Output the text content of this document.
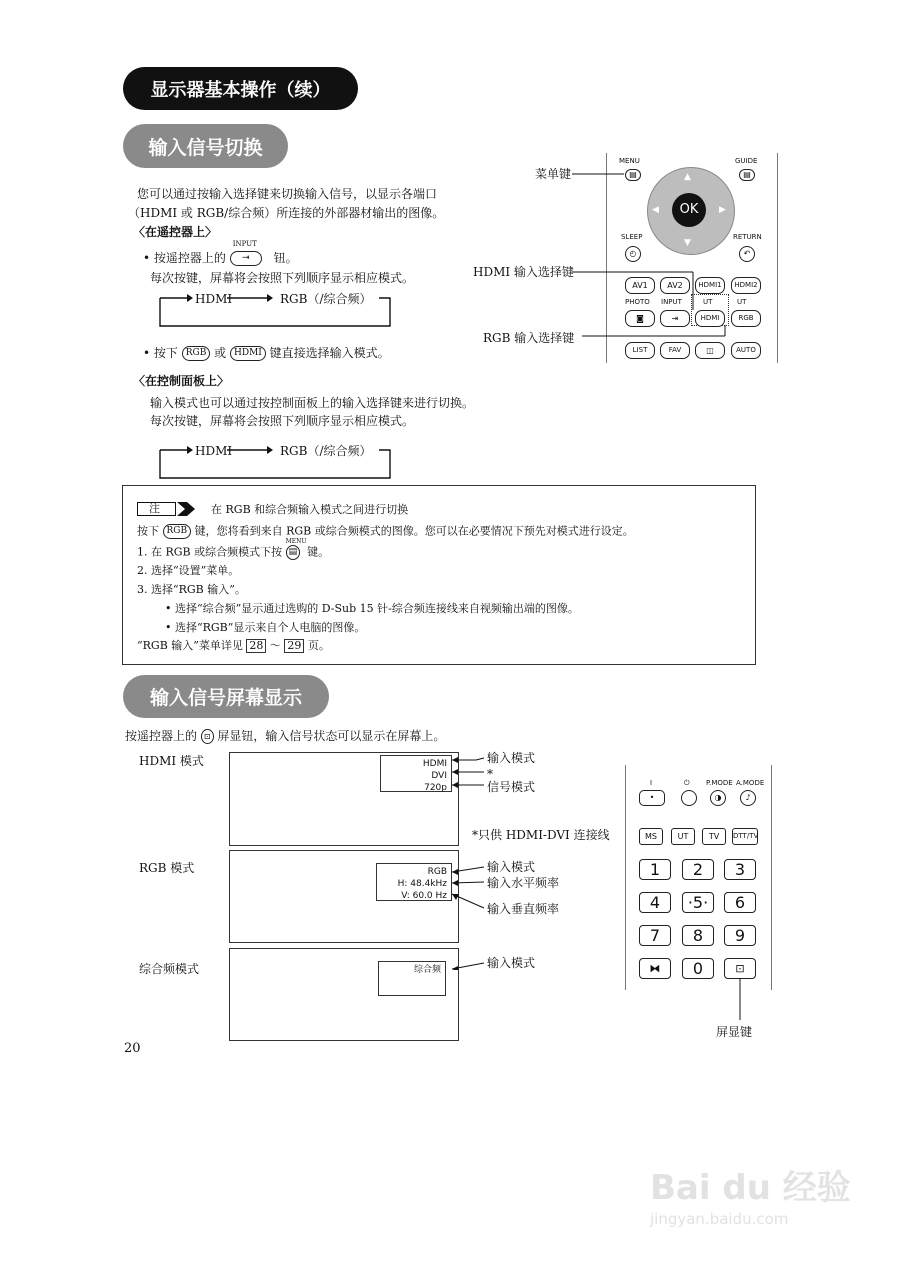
显示器基本操作（续）
输入信号切换
您可以通过按输入选择键来切换输入信号，以显示各端口
（HDMI 或 RGB/综合频）所连接的外部器材输出的图像。
〈在遥控器上〉
• 按遥控器上的
INPUT
⇥ 钮。
每次按键，屏幕将会按照下列顺序显示相应模式。
HDMI	RGB（/综合频）
• 按下 RGB 或 HDMI 键直接选择输入模式。
〈在控制面板上〉
输入模式也可以通过按控制面板上的输入选择键来进行切换。
每次按键，屏幕将会按照下列顺序显示相应模式。
HDMI	RGB（/综合频）
MENU
▤
GUIDE
▤
OK
▲
▼
◀	▶
SLEEP
◴
RETURN
↶
AV1	AV2	HDMI1	HDMI2
PHOTO INPUT	UT	UT
◙	⇥	HDMI	RGB
LIST	FAV	◫	AUTO
菜单键
HDMI 输入选择键
RGB 输入选择键
注	在 RGB 和综合频输入模式之间进行切换
按下 RGB 键，您将看到来自 RGB 或综合频模式的图像。您可以在必要情况下预先对模式进行设定。
1. 在 RGB 或综合频模式下按
MENU
▤ 键。
2. 选择“设置”菜单。
3. 选择“RGB 输入”。
• 选择“综合频”显示通过选购的 D-Sub 15 针-综合频连接线来自视频输出端的图像。
• 选择“RGB”显示来自个人电脑的图像。
“RGB 输入”菜单详见 28 ～ 29 页。
输入信号屏幕显示
按遥控器上的 ⊡ 屏显钮，输入信号状态可以显示在屏幕上。
HDMI 模式
RGB 模式
综合频模式
HDMI
DVI
720p
RGB
H: 48.4kHz
V: 60.0 Hz
综合频
输入模式
*
信号模式
*只供 HDMI-DVI 连接线
输入模式
输入水平频率
输入垂直频率
输入模式
I	⏻ P.MODE A.MODE
•	◑	♪
MS	UT	TV	DTT/TV
1	2	3
4	·5·	6
7	8	9
⧓	0	⊡
屏显键
20
Bai du 经验
jingyan.baidu.com
